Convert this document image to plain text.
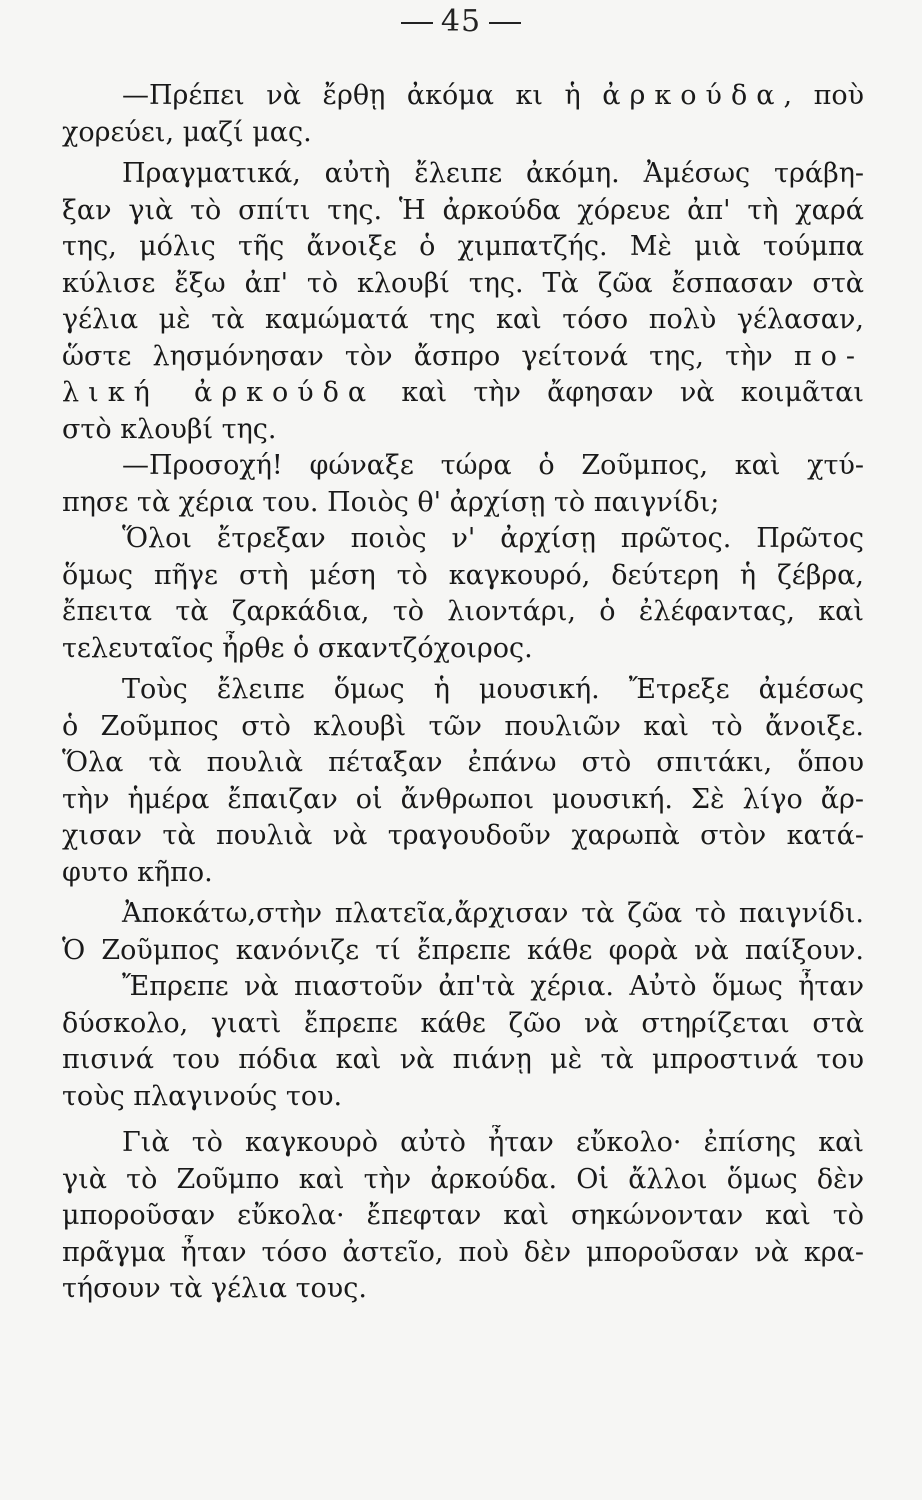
45
—Πρέπει νὰ ἔρθῃ ἀκόμα κι ἡ ἀρκούδα, ποὺ
χορεύει, μαζί μας.
Πραγματικά, αὐτὴ ἔλειπε ἀκόμη. Ἀμέσως τράβη-
ξαν γιὰ τὸ σπίτι της. Ἡ ἀρκούδα χόρευε ἀπ' τὴ χαρά
της, μόλις τῆς ἄνοιξε ὁ χιμπατζής. Μὲ μιὰ τούμπα
κύλισε ἔξω ἀπ' τὸ κλουβί της. Τὰ ζῶα ἔσπασαν στὰ
γέλια μὲ τὰ καμώματά της καὶ τόσο πολὺ γέλασαν,
ὥστε λησμόνησαν τὸν ἄσπρο γείτονά της, τὴν πο-
λική ἀρκούδα καὶ τὴν ἄφησαν νὰ κοιμᾶται
στὸ κλουβί της.
—Προσοχή! φώναξε τώρα ὁ Ζοῦμπος, καὶ χτύ-
πησε τὰ χέρια του. Ποιὸς θ' ἀρχίσῃ τὸ παιγνίδι;
Ὅλοι ἔτρεξαν ποιὸς ν' ἀρχίσῃ πρῶτος. Πρῶτος
ὅμως πῆγε στὴ μέση τὸ καγκουρό, δεύτερη ἡ ζέβρα,
ἔπειτα τὰ ζαρκάδια, τὸ λιοντάρι, ὁ ἐλέφαντας, καὶ
τελευταῖος ἦρθε ὁ σκαντζόχοιρος.
Τοὺς ἔλειπε ὅμως ἡ μουσική. Ἔτρεξε ἀμέσως
ὁ Ζοῦμπος στὸ κλουβὶ τῶν πουλιῶν καὶ τὸ ἄνοιξε.
Ὅλα τὰ πουλιὰ πέταξαν ἐπάνω στὸ σπιτάκι, ὅπου
τὴν ἡμέρα ἔπαιζαν οἱ ἄνθρωποι μουσική. Σὲ λίγο ἄρ-
χισαν τὰ πουλιὰ νὰ τραγουδοῦν χαρωπὰ στὸν κατά-
φυτο κῆπο.
Ἀποκάτω,στὴν πλατεῖα,ἄρχισαν τὰ ζῶα τὸ παιγνίδι.
Ὁ Ζοῦμπος κανόνιζε τί ἔπρεπε κάθε φορὰ νὰ παίξουν.
Ἔπρεπε νὰ πιαστοῦν ἀπ'τὰ χέρια. Αὐτὸ ὅμως ἦταν
δύσκολο, γιατὶ ἔπρεπε κάθε ζῶο νὰ στηρίζεται στὰ
πισινά του πόδια καὶ νὰ πιάνῃ μὲ τὰ μπροστινά του
τοὺς πλαγινούς του.
Γιὰ τὸ καγκουρὸ αὐτὸ ἦταν εὔκολο· ἐπίσης καὶ
γιὰ τὸ Ζοῦμπο καὶ τὴν ἀρκούδα. Οἱ ἄλλοι ὅμως δὲν
μποροῦσαν εὔκολα· ἔπεφταν καὶ σηκώνονταν καὶ τὸ
πρᾶγμα ἦταν τόσο ἀστεῖο, ποὺ δὲν μποροῦσαν νὰ κρα-
τήσουν τὰ γέλια τους.
